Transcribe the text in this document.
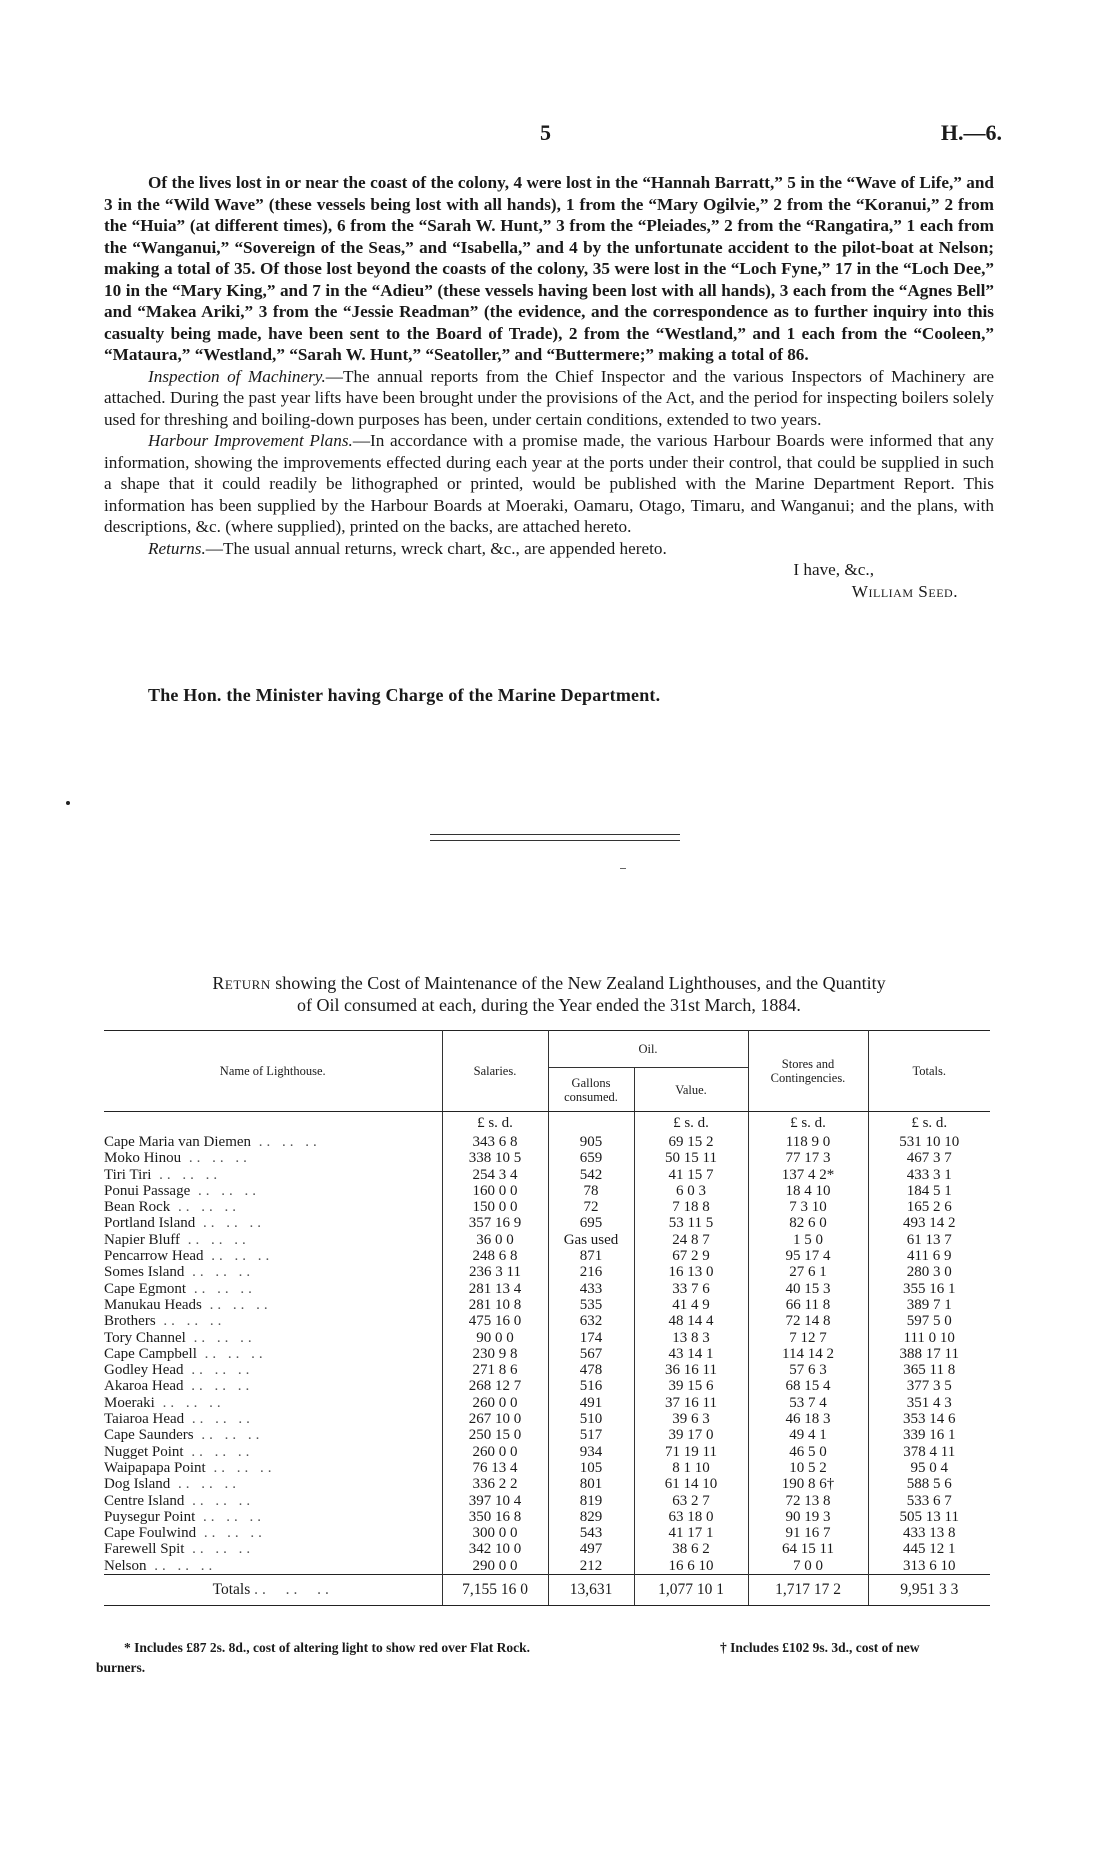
5	H.—6.

Of the lives lost in or near the coast of the colony, 4 were lost in the “Hannah Barratt,” 5 in the “Wave of Life,” and 3 in the “Wild Wave” (these vessels being lost with all hands), 1 from the “Mary Ogilvie,” 2 from the “Koranui,” 2 from the “Huia” (at different times), 6 from the “Sarah W. Hunt,” 3 from the “Pleiades,” 2 from the “Rangatira,” 1 each from the “Wanganui,” “Sovereign of the Seas,” and “Isabella,” and 4 by the unfortunate accident to the pilot-boat at Nelson; making a total of 35. Of those lost beyond the coasts of the colony, 35 were lost in the “Loch Fyne,” 17 in the “Loch Dee,” 10 in the “Mary King,” and 7 in the “Adieu” (these vessels having been lost with all hands), 3 each from the “Agnes Bell” and “Makea Ariki,” 3 from the “Jessie Readman” (the evidence, and the correspondence as to further inquiry into this casualty being made, have been sent to the Board of Trade), 2 from the “Westland,” and 1 each from the “Cooleen,” “Mataura,” “Westland,” “Sarah W. Hunt,” “Seatoller,” and “Buttermere;” making a total of 86.

Inspection of Machinery.—The annual reports from the Chief Inspector and the various Inspectors of Machinery are attached. During the past year lifts have been brought under the provisions of the Act, and the period for inspecting boilers solely used for threshing and boiling-down purposes has been, under certain conditions, extended to two years.

Harbour Improvement Plans.—In accordance with a promise made, the various Harbour Boards were informed that any information, showing the improvements effected during each year at the ports under their control, that could be supplied in such a shape that it could readily be lithographed or printed, would be published with the Marine Department Report. This information has been supplied by the Harbour Boards at Moeraki, Oamaru, Otago, Timaru, and Wanganui; and the plans, with descriptions, &c. (where supplied), printed on the backs, are attached hereto.

Returns.—The usual annual returns, wreck chart, &c., are appended hereto.

I have, &c.,
William Seed.

The Hon. the Minister having Charge of the Marine Department.
Return showing the Cost of Maintenance of the New Zealand Lighthouses, and the Quantity
of Oil consumed at each, during the Year ended the 31st March, 1884.
Name of Lighthouse.	Salaries.	Oil.		Stores and Contingencies.	Totals.
		Gallons consumed.	Value.		
	£ s. d.		£ s. d.	£ s. d.	£ s. d.
Cape Maria van Diemen .. .. ..	343 6 8	905	69 15 2	118 9 0	531 10 10
Moko Hinou .. .. ..	338 10 5	659	50 15 11	77 17 3	467 3 7
Tiri Tiri .. .. ..	254 3 4	542	41 15 7	137 4 2*	433 3 1
Ponui Passage .. .. ..	160 0 0	78	6 0 3	18 4 10	184 5 1
Bean Rock .. .. ..	150 0 0	72	7 18 8	7 3 10	165 2 6
Portland Island .. .. ..	357 16 9	695	53 11 5	82 6 0	493 14 2
Napier Bluff .. .. ..	36 0 0	Gas used	24 8 7	1 5 0	61 13 7
Pencarrow Head .. .. ..	248 6 8	871	67 2 9	95 17 4	411 6 9
Somes Island .. .. ..	236 3 11	216	16 13 0	27 6 1	280 3 0
Cape Egmont .. .. ..	281 13 4	433	33 7 6	40 15 3	355 16 1
Manukau Heads .. .. ..	281 10 8	535	41 4 9	66 11 8	389 7 1
Brothers .. .. ..	475 16 0	632	48 14 4	72 14 8	597 5 0
Tory Channel .. .. ..	90 0 0	174	13 8 3	7 12 7	111 0 10
Cape Campbell .. .. ..	230 9 8	567	43 14 1	114 14 2	388 17 11
Godley Head .. .. ..	271 8 6	478	36 16 11	57 6 3	365 11 8
Akaroa Head .. .. ..	268 12 7	516	39 15 6	68 15 4	377 3 5
Moeraki .. .. ..	260 0 0	491	37 16 11	53 7 4	351 4 3
Taiaroa Head .. .. ..	267 10 0	510	39 6 3	46 18 3	353 14 6
Cape Saunders .. .. ..	250 15 0	517	39 17 0	49 4 1	339 16 1
Nugget Point .. .. ..	260 0 0	934	71 19 11	46 5 0	378 4 11
Waipapapa Point .. .. ..	76 13 4	105	8 1 10	10 5 2	95 0 4
Dog Island .. .. ..	336 2 2	801	61 14 10	190 8 6†	588 5 6
Centre Island .. .. ..	397 10 4	819	63 2 7	72 13 8	533 6 7
Puysegur Point .. .. ..	350 16 8	829	63 18 0	90 19 3	505 13 11
Cape Foulwind .. .. ..	300 0 0	543	41 17 1	91 16 7	433 13 8
Farewell Spit .. .. ..	342 10 0	497	38 6 2	64 15 11	445 12 1
Nelson .. .. ..	290 0 0	212	16 6 10	7 0 0	313 6 10
Totals ..  ..  ..	7,155 16 0	13,631	1,077 10 1	1,717 17 2	9,951 3 3
* Includes £87 2s. 8d., cost of altering light to show red over Flat Rock.	† Includes £102 9s. 3d., cost of new
burners.
